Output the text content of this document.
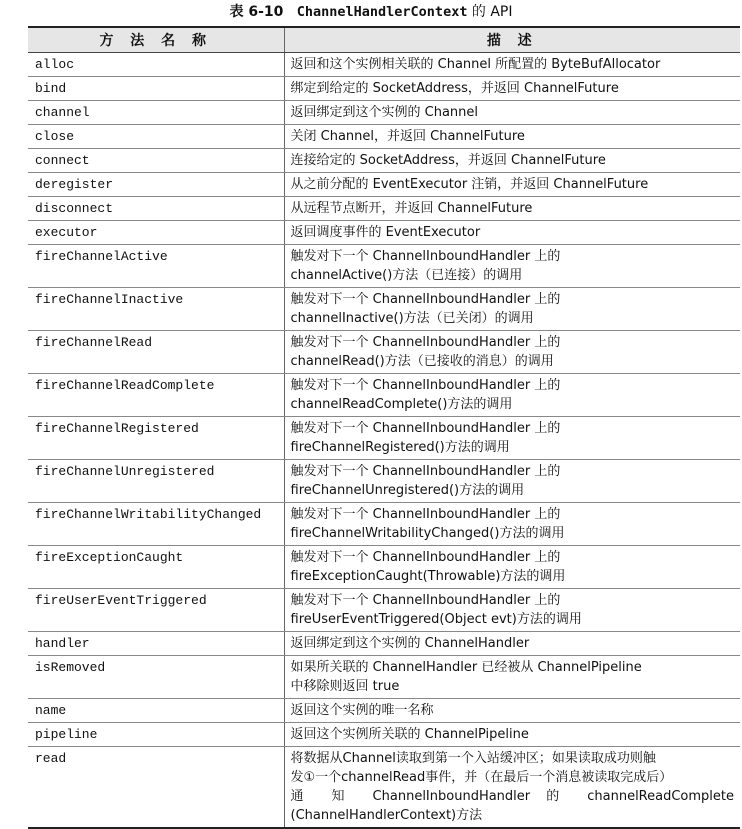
表 6-10 ChannelHandlerContext 的 API
方 法 名 称	描 述
alloc	返回和这个实例相关联的 Channel 所配置的 ByteBufAllocator

bind	绑定到给定的 SocketAddress，并返回 ChannelFuture

channel	返回绑定到这个实例的 Channel

close	关闭 Channel，并返回 ChannelFuture

connect	连接给定的 SocketAddress，并返回 ChannelFuture

deregister	从之前分配的 EventExecutor 注销，并返回 ChannelFuture

disconnect	从远程节点断开，并返回 ChannelFuture

executor	返回调度事件的 EventExecutor

fireChannelActive	触发对下一个 ChannelInboundHandler 上的
channelActive()方法（已连接）的调用

fireChannelInactive	触发对下一个 ChannelInboundHandler 上的
channelInactive()方法（已关闭）的调用

fireChannelRead	触发对下一个 ChannelInboundHandler 上的
channelRead()方法（已接收的消息）的调用

fireChannelReadComplete	触发对下一个 ChannelInboundHandler 上的
channelReadComplete()方法的调用

fireChannelRegistered	触发对下一个 ChannelInboundHandler 上的
fireChannelRegistered()方法的调用

fireChannelUnregistered	触发对下一个 ChannelInboundHandler 上的
fireChannelUnregistered()方法的调用

fireChannelWritabilityChanged	触发对下一个 ChannelInboundHandler 上的
fireChannelWritabilityChanged()方法的调用

fireExceptionCaught	触发对下一个 ChannelInboundHandler 上的
fireExceptionCaught(Throwable)方法的调用

fireUserEventTriggered	触发对下一个 ChannelInboundHandler 上的
fireUserEventTriggered(Object evt)方法的调用

handler	返回绑定到这个实例的 ChannelHandler

isRemoved	如果所关联的 ChannelHandler 已经被从 ChannelPipeline
中移除则返回 true

name	返回这个实例的唯一名称

pipeline	返回这个实例所关联的 ChannelPipeline

read	将数据从Channel读取到第一个入站缓冲区；如果读取成功则触
发①一个channelRead事件，并（在最后一个消息被读取完成后）
通 知 ChannelInboundHandler 的 channelReadComplete
(ChannelHandlerContext)方法
